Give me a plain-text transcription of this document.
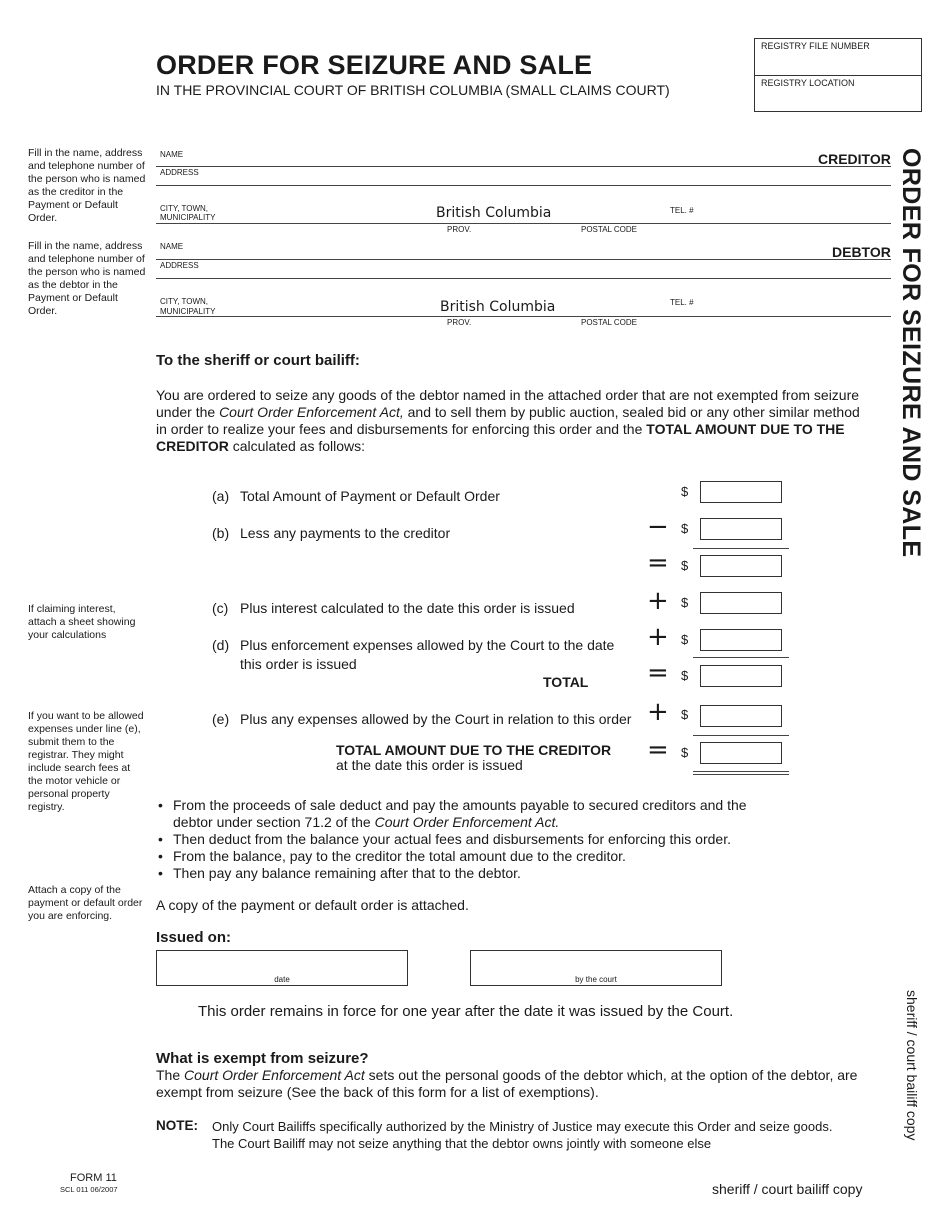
ORDER FOR SEIZURE AND SALE
IN THE PROVINCIAL COURT OF BRITISH COLUMBIA (SMALL CLAIMS COURT)
REGISTRY FILE NUMBER
REGISTRY LOCATION
ORDER FOR SEIZURE AND SALE
sheriff / court bailiff copy
Fill in the name, address and telephone number of the person who is named as the creditor in the Payment or Default Order.
Fill in the name, address and telephone number of the person who is named as the debtor in the Payment or Default Order.
If claiming interest, attach a sheet showing your calculations
If you want to be allowed expenses under line (e), submit them to the registrar. They might include search fees at the motor vehicle or personal property registry.
Attach a copy of the payment or default order you are enforcing.
NAME	CREDITOR
ADDRESS
CITY, TOWN,
MUNICIPALITY	British Columbia	TEL. #
PROV.	POSTAL CODE
NAME	DEBTOR
ADDRESS
CITY, TOWN,
MUNICIPALITY	British Columbia	TEL. #
PROV.	POSTAL CODE
To the sheriff or court bailiff:
You are ordered to seize any goods of the debtor named in the attached order that are not exempted from seizure under the Court Order Enforcement Act, and to sell them by public auction, sealed bid or any other similar method in order to realize your fees and disbursements for enforcing this order and the TOTAL AMOUNT DUE TO THE CREDITOR calculated as follows:
(a) Total Amount of Payment or Default Order	$
(b) Less any payments to the creditor	− $
= $
(c) Plus interest calculated to the date this order is issued	+ $
(d) Plus enforcement expenses allowed by the Court to the date
this order is issued
+ $
TOTAL = $
(e) Plus any expenses allowed by the Court in relation to this order + $
TOTAL AMOUNT DUE TO THE CREDITOR
at the date this order is issued	= $
• From the proceeds of sale deduct and pay the amounts payable to secured creditors and the
debtor under section 71.2 of the Court Order Enforcement Act.
• Then deduct from the balance your actual fees and disbursements for enforcing this order.
• From the balance, pay to the creditor the total amount due to the creditor.
• Then pay any balance remaining after that to the debtor.
A copy of the payment or default order is attached.
Issued on:
date	by the court
This order remains in force for one year after the date it was issued by the Court.
What is exempt from seizure?
The Court Order Enforcement Act sets out the personal goods of the debtor which, at the option of the debtor, are exempt from seizure (See the back of this form for a list of exemptions).
NOTE: Only Court Bailiffs specifically authorized by the Ministry of Justice may execute this Order and seize goods.
The Court Bailiff may not seize anything that the debtor owns jointly with someone else
FORM 11
SCL 011 06/2007	sheriff / court bailiff copy
